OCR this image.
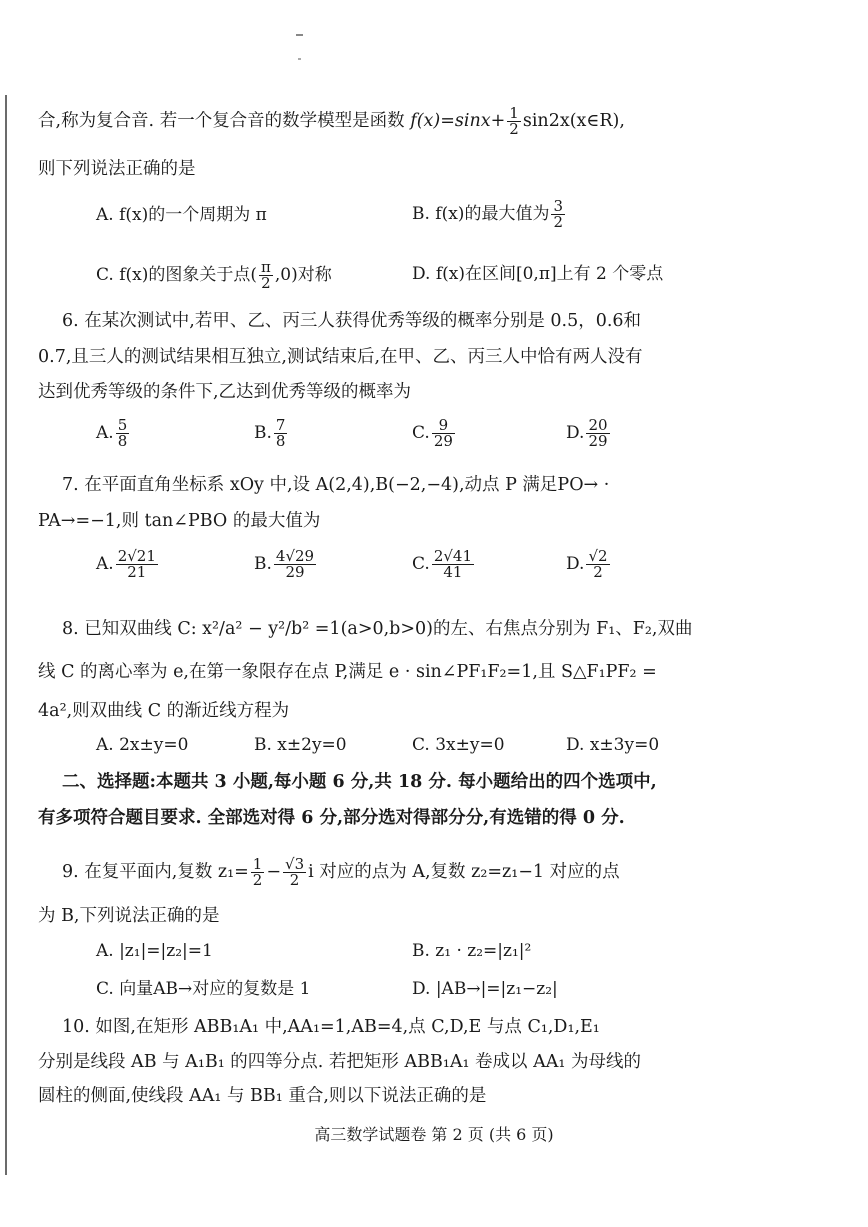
合,称为复合音. 若一个复合音的数学模型是函数 $f(x)=\sin x+ \frac{1}{2}$ sin2x(x∈R),
则下列说法正确的是
A. f(x)的一个周期为 π	B. f(x)的最大值为 $\frac{3}{2}$
C. f(x)的图象关于点( $\frac{\pi}{2} ,0$)对称	D. f(x)在区间[0,π]上有 2 个零点
6. 在某次测试中,若甲、乙、丙三人获得优秀等级的概率分别是 0.5，0.6和
0.7,且三人的测试结果相互独立,测试结束后,在甲、乙、丙三人中恰有两人没有
达到优秀等级的条件下,乙达到优秀等级的概率为
A. $\frac{5}{8}$	B. $\frac{7}{8}$	C. $\frac{9}{29}$	D. $\frac{20}{29}$
7. 在平面直角坐标系 xOy 中,设 A(2,4),B(−2,−4),动点 P 满足PO→ ·
PA→=−1,则 tan∠PBO 的最大值为
A. $\frac{2√21}{21}$	B. $\frac{4√29}{29}$	C. $\frac{2√41}{41}$	D. $\frac{√2}{2}$
8. 已知双曲线 C: x²/a² − y²/b² =1(a>0,b>0)的左、右焦点分别为 F₁、F₂,双曲
线 C 的离心率为 e,在第一象限存在点 P,满足 e · sin∠PF₁F₂=1,且 S△F₁PF₂ =
4a²,则双曲线 C 的渐近线方程为
A. 2x±y=0	B. x±2y=0	C. 3x±y=0	D. x±3y=0
二、选择题:本题共 3 小题,每小题 6 分,共 18 分. 每小题给出的四个选项中,
有多项符合题目要求. 全部选对得 6 分,部分选对得部分分,有选错的得 0 分.
9. 在复平面内,复数 $z_1= \frac{1}{2} - \frac{√3}{2}$ i 对应的点为 A,复数 z₂=z₁−1 对应的点
为 B,下列说法正确的是
A. |z₁|=|z₂|=1	B. z₁ · z₂=|z₁|²
C. 向量AB→对应的复数是 1	D. |AB→|=|z₁−z₂|
10. 如图,在矩形 ABB₁A₁ 中,AA₁=1,AB=4,点 C,D,E 与点 C₁,D₁,E₁
分别是线段 AB 与 A₁B₁ 的四等分点. 若把矩形 ABB₁A₁ 卷成以 AA₁ 为母线的
圆柱的侧面,使线段 AA₁ 与 BB₁ 重合,则以下说法正确的是
高三数学试题卷 第 2 页 (共 6 页)
